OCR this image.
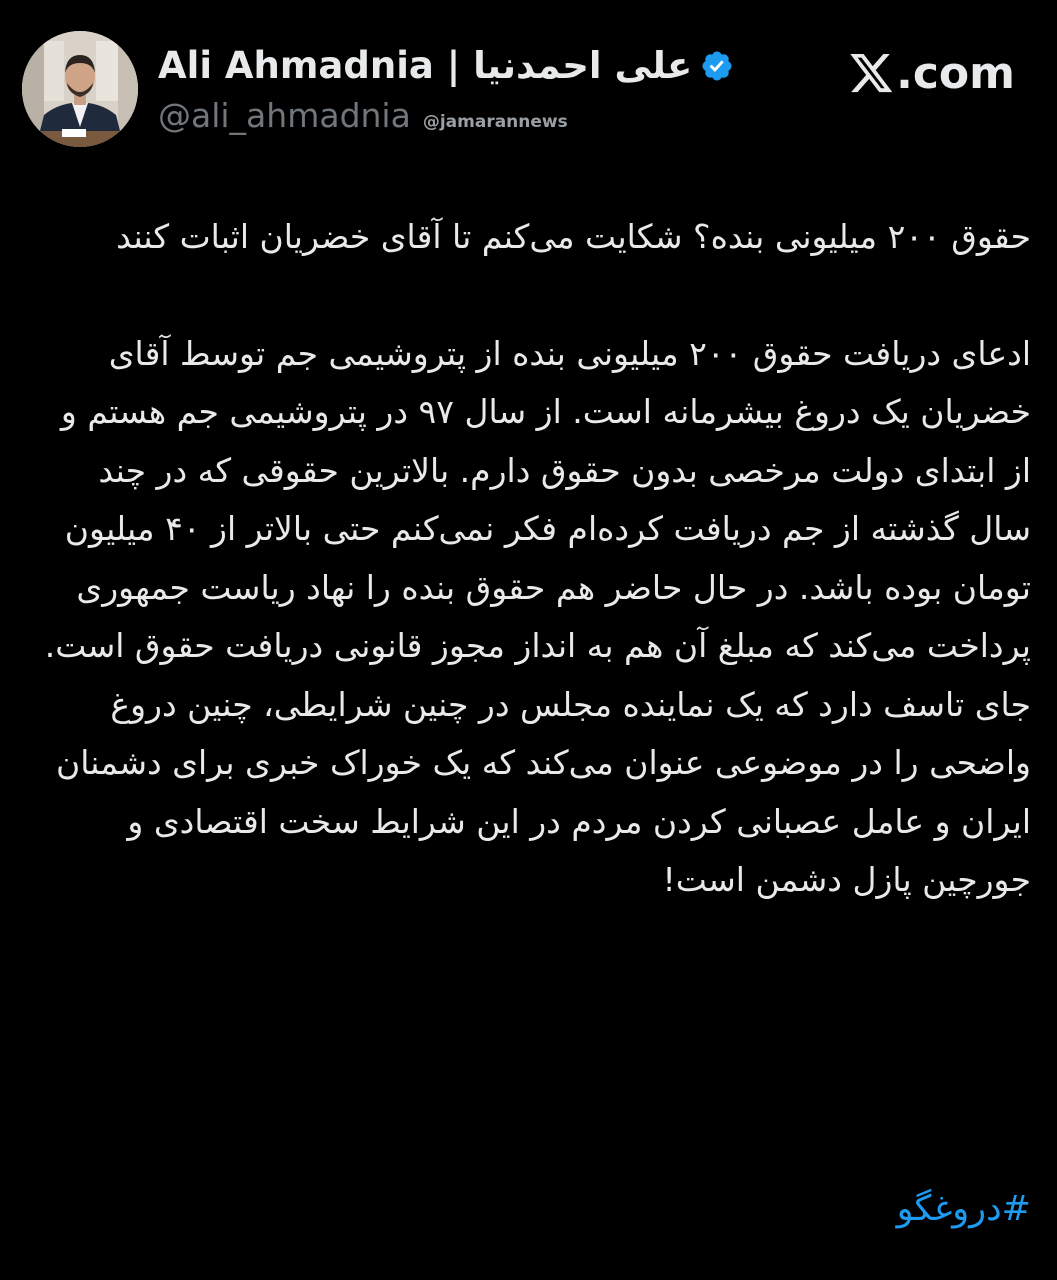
Ali Ahmadnia | علی احمدنیا
@ali_ahmadnia @jamarannews
.com

حقوق ۲۰۰ میلیونی بنده؟ شکایت می‌کنم تا آقای خضریان اثبات کنند

ادعای دریافت حقوق ۲۰۰ میلیونی بنده از پتروشیمی جم توسط آقای خضریان یک دروغ بیشرمانه است. از سال ۹۷ در پتروشیمی جم هستم و از ابتدای دولت مرخصی بدون حقوق دارم. بالاترین حقوقی که در چند سال گذشته از جم دریافت کرده‌ام فکر نمی‌کنم حتی بالاتر از ۴۰ میلیون تومان بوده باشد. در حال حاضر هم حقوق بنده را نهاد ریاست جمهوری پرداخت می‌کند که مبلغ آن هم به انداز مجوز قانونی دریافت حقوق است. جای تاسف دارد که یک نماینده مجلس در چنین شرایطی، چنین دروغ واضحی را در موضوعی عنوان می‌کند که یک خوراک خبری برای دشمنان ایران و عامل عصبانی کردن مردم در این شرایط سخت اقتصادی و جورچین پازل دشمن است!

#دروغگو
